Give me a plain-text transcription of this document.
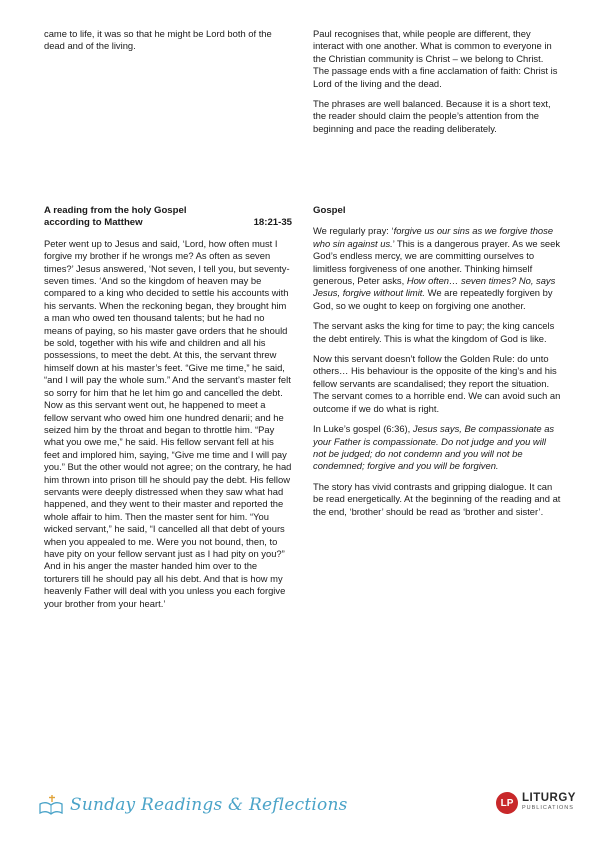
came to life, it was so that he might be Lord both of the dead and of the living.

Paul recognises that, while people are different, they interact with one another. What is common to everyone in the Christian community is Christ – we belong to Christ. The passage ends with a fine acclamation of faith: Christ is Lord of the living and the dead.

The phrases are well balanced. Because it is a short text, the reader should claim the people’s attention from the beginning and pace the reading deliberately.

A reading from the holy Gospel
according to Matthew	18:21-35

Peter went up to Jesus and said, ‘Lord, how often must I forgive my brother if he wrongs me? As often as seven times?’ Jesus answered, ‘Not seven, I tell you, but seventy-seven times. ‘And so the kingdom of heaven may be compared to a king who decided to settle his accounts with his servants. When the reckoning began, they brought him a man who owed ten thousand talents; but he had no means of paying, so his master gave orders that he should be sold, together with his wife and children and all his possessions, to meet the debt. At this, the servant threw himself down at his master’s feet. “Give me time,” he said, “and I will pay the whole sum.” And the servant’s master felt so sorry for him that he let him go and cancelled the debt. Now as this servant went out, he happened to meet a fellow servant who owed him one hundred denarii; and he seized him by the throat and began to throttle him. “Pay what you owe me,” he said. His fellow servant fell at his feet and implored him, saying, “Give me time and I will pay you.” But the other would not agree; on the contrary, he had him thrown into prison till he should pay the debt. His fellow servants were deeply distressed when they saw what had happened, and they went to their master and reported the whole affair to him. Then the master sent for him. “You wicked servant,” he said, “I cancelled all that debt of yours when you appealed to me. Were you not bound, then, to have pity on your fellow servant just as I had pity on you?” And in his anger the master handed him over to the torturers till he should pay all his debt. And that is how my heavenly Father will deal with you unless you each forgive your brother from your heart.’

Gospel

We regularly pray: ‘forgive us our sins as we forgive those who sin against us.’ This is a dangerous prayer. As we seek God’s endless mercy, we are committing ourselves to limitless forgiveness of one another. Thinking himself generous, Peter asks, How often… seven times? No, says Jesus, forgive without limit. We are repeatedly forgiven by God, so we ought to keep on forgiving one another.

The servant asks the king for time to pay; the king cancels the debt entirely. This is what the kingdom of God is like.

Now this servant doesn’t follow the Golden Rule: do unto others… His behaviour is the opposite of the king’s and his fellow servants are scandalised; they report the situation. The servant comes to a horrible end. We can avoid such an outcome if we do what is right.

In Luke’s gospel (6:36), Jesus says, Be compassionate as your Father is compassionate. Do not judge and you will not be judged; do not condemn and you will not be condemned; forgive and you will be forgiven.

The story has vivid contrasts and gripping dialogue. It can be read energetically. At the beginning of the reading and at the end, ‘brother’ should be read as ‘brother and sister’.

Sunday Readings & Reflections	LP LITURGY
PUBLICATIONS
